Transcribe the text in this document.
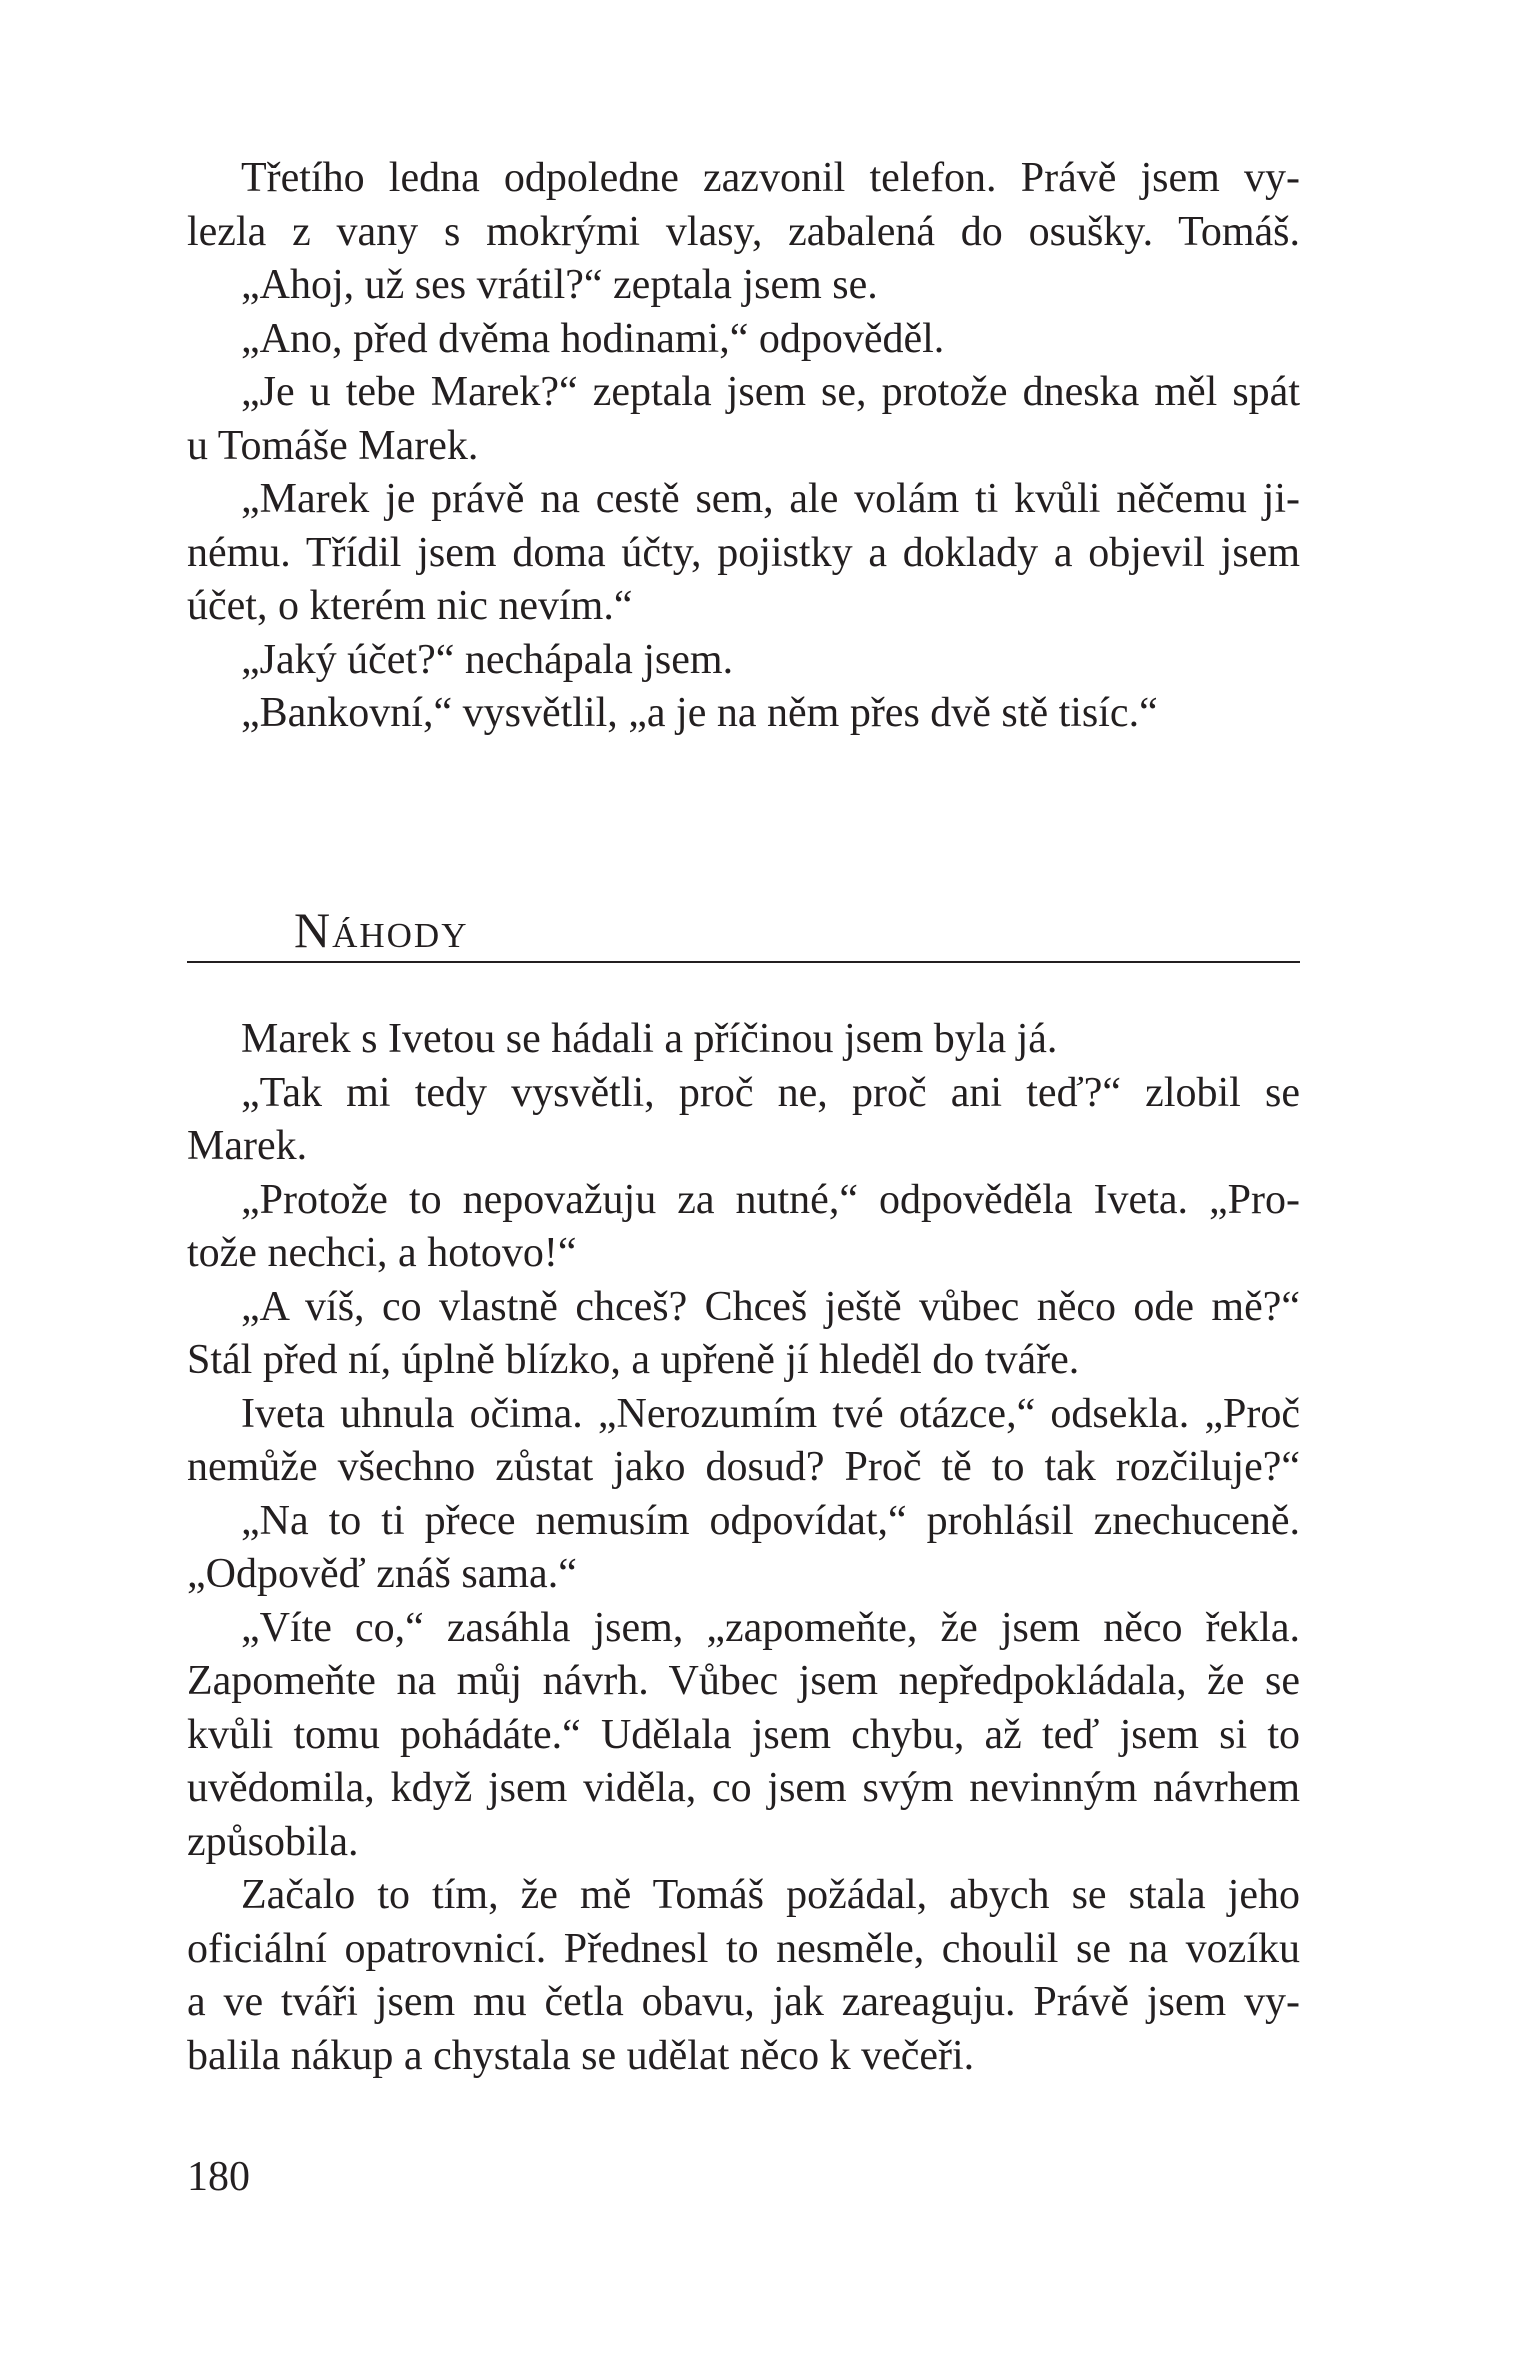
Třetího ledna odpoledne zazvonil telefon. Právě jsem vy-
lezla z vany s mokrými vlasy, zabalená do osušky. Tomáš.
„Ahoj, už ses vrátil?“ zeptala jsem se.
„Ano, před dvěma hodinami,“ odpověděl.
„Je u tebe Marek?“ zeptala jsem se, protože dneska měl spát
u Tomáše Marek.
„Marek je právě na cestě sem, ale volám ti kvůli něčemu ji-
nému. Třídil jsem doma účty, pojistky a doklady a objevil jsem
účet, o kterém nic nevím.“
„Jaký účet?“ nechápala jsem.
„Bankovní,“ vysvětlil, „a je na něm přes dvě stě tisíc.“
Náhody
Marek s Ivetou se hádali a příčinou jsem byla já.
„Tak mi tedy vysvětli, proč ne, proč ani teď?“ zlobil se
Marek.
„Protože to nepovažuju za nutné,“ odpověděla Iveta. „Pro-
tože nechci, a hotovo!“
„A víš, co vlastně chceš? Chceš ještě vůbec něco ode mě?“
Stál před ní, úplně blízko, a upřeně jí hleděl do tváře.
Iveta uhnula očima. „Nerozumím tvé otázce,“ odsekla. „Proč
nemůže všechno zůstat jako dosud? Proč tě to tak rozčiluje?“
„Na to ti přece nemusím odpovídat,“ prohlásil znechuceně.
„Odpověď znáš sama.“
„Víte co,“ zasáhla jsem, „zapomeňte, že jsem něco řekla.
Zapomeňte na můj návrh. Vůbec jsem nepředpokládala, že se
kvůli tomu pohádáte.“ Udělala jsem chybu, až teď jsem si to
uvědomila, když jsem viděla, co jsem svým nevinným návrhem
způsobila.
Začalo to tím, že mě Tomáš požádal, abych se stala jeho
oficiální opatrovnicí. Přednesl to nesměle, choulil se na vozíku
a ve tváři jsem mu četla obavu, jak zareaguju. Právě jsem vy-
balila nákup a chystala se udělat něco k večeři.
180
